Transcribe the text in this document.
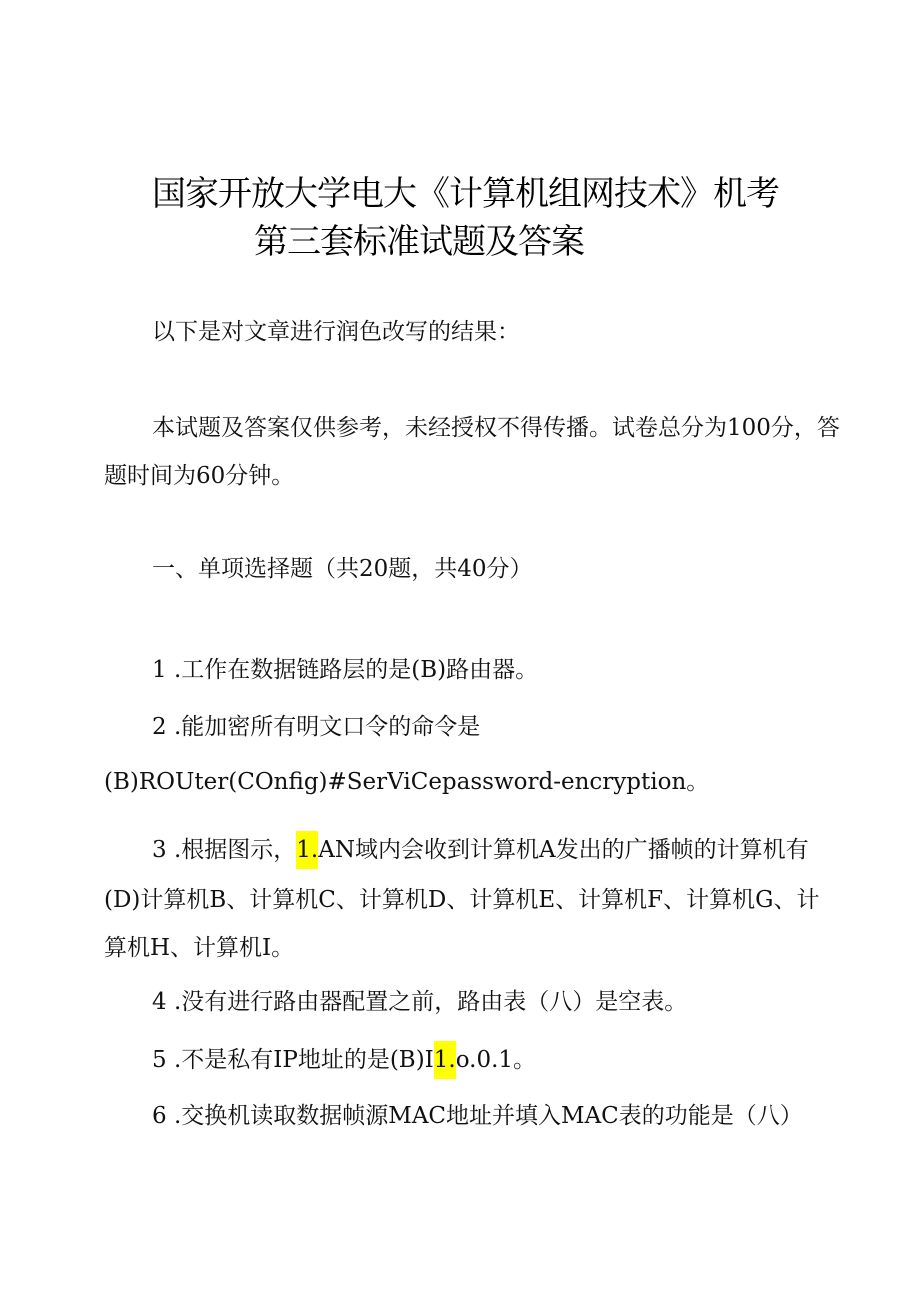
国家开放大学电大《计算机组网技术》机考
第三套标准试题及答案
以下是对文章进行润色改写的结果：
本试题及答案仅供参考，未经授权不得传播。试卷总分为100分，答
题时间为60分钟。
一、单项选择题（共20题，共40分）
1 .工作在数据链路层的是(B)路由器。
2 .能加密所有明文口令的命令是
(B)ROUter(COnfig)#SerViCepassword-encryption。
3 .根据图示，1.AN域内会收到计算机A发出的广播帧的计算机有
(D)计算机B、计算机C、计算机D、计算机E、计算机F、计算机G、计
算机H、计算机I。
4 .没有进行路由器配置之前，路由表（八）是空表。
5 .不是私有IP地址的是(B)I1.o.0.1。
6 .交换机读取数据帧源MAC地址并填入MAC表的功能是（八）
